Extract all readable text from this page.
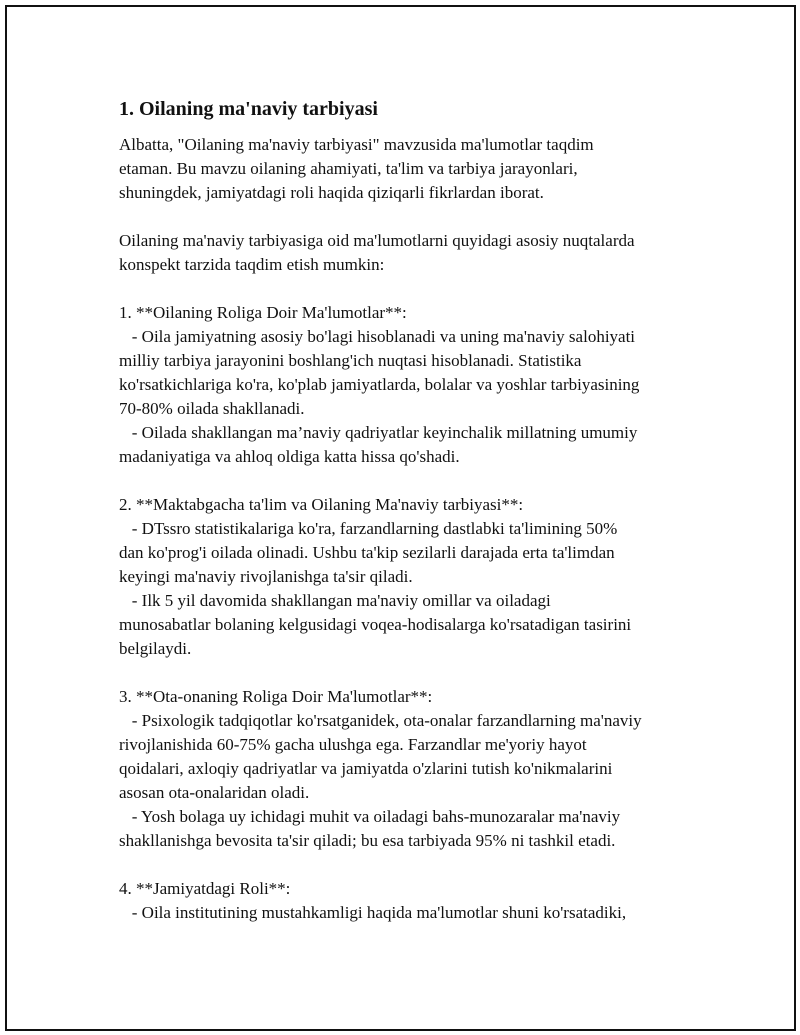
1. Oilaning ma'naviy tarbiyasi

Albatta, "Oilaning ma'naviy tarbiyasi" mavzusida ma'lumotlar taqdim
etaman. Bu mavzu oilaning ahamiyati, ta'lim va tarbiya jarayonlari,
shuningdek, jamiyatdagi roli haqida qiziqarli fikrlardan iborat.

Oilaning ma'naviy tarbiyasiga oid ma'lumotlarni quyidagi asosiy nuqtalarda
konspekt tarzida taqdim etish mumkin:

1. **Oilaning Roliga Doir Ma'lumotlar**:

- Oila jamiyatning asosiy bo'lagi hisoblanadi va uning ma'naviy salohiyati
milliy tarbiya jarayonini boshlang'ich nuqtasi hisoblanadi. Statistika
ko'rsatkichlariga ko'ra, ko'plab jamiyatlarda, bolalar va yoshlar tarbiyasining
70-80% oilada shakllanadi.
- Oilada shakllangan ma’naviy qadriyatlar keyinchalik millatning umumiy
madaniyatiga va ahloq oldiga katta hissa qo'shadi.

2. **Maktabgacha ta'lim va Oilaning Ma'naviy tarbiyasi**:

- DTssro statistikalariga ko'ra, farzandlarning dastlabki ta'limining 50%
dan ko'prog'i oilada olinadi. Ushbu ta'kip sezilarli darajada erta ta'limdan
keyingi ma'naviy rivojlanishga ta'sir qiladi.
- Ilk 5 yil davomida shakllangan ma'naviy omillar va oiladagi
munosabatlar bolaning kelgusidagi voqea-hodisalarga ko'rsatadigan tasirini
belgilaydi.

3. **Ota-onaning Roliga Doir Ma'lumotlar**:

- Psixologik tadqiqotlar ko'rsatganidek, ota-onalar farzandlarning ma'naviy
rivojlanishida 60-75% gacha ulushga ega. Farzandlar me'yoriy hayot
qoidalari, axloqiy qadriyatlar va jamiyatda o'zlarini tutish ko'nikmalarini
asosan ota-onalaridan oladi.
- Yosh bolaga uy ichidagi muhit va oiladagi bahs-munozaralar ma'naviy
shakllanishga bevosita ta'sir qiladi; bu esa tarbiyada 95% ni tashkil etadi.

4. **Jamiyatdagi Roli**:

- Oila institutining mustahkamligi haqida ma'lumotlar shuni ko'rsatadiki,
